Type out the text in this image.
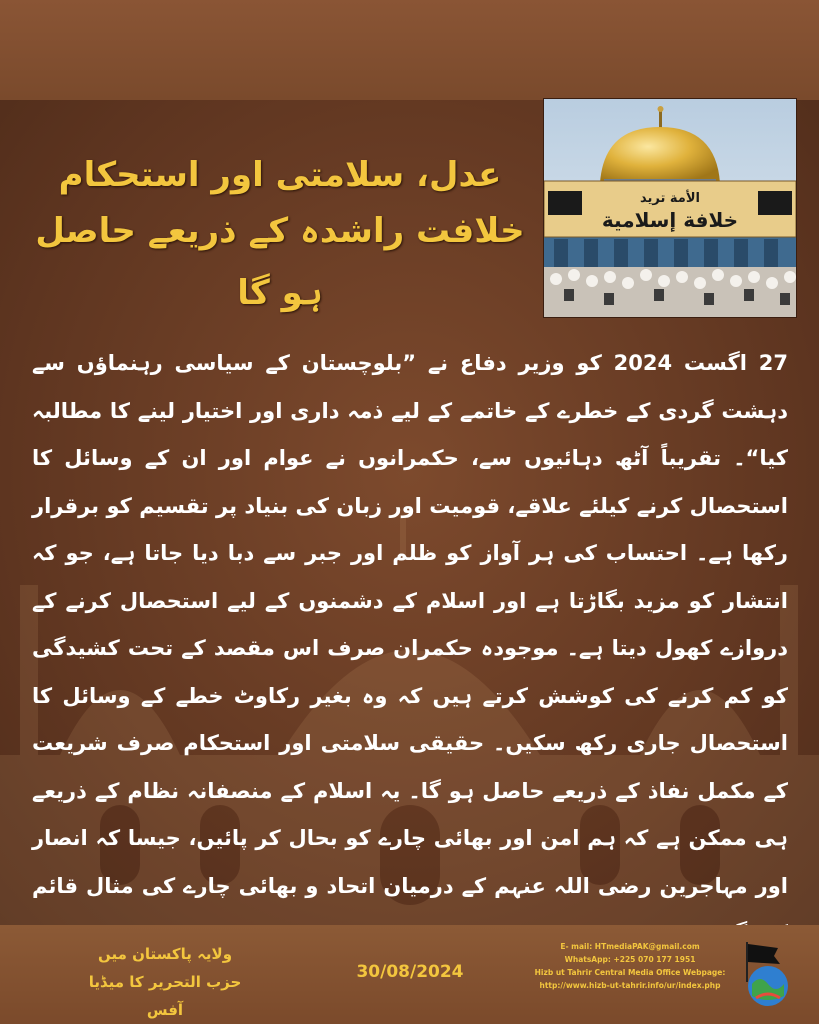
عدل، سلامتی اور استحکام
خلافت راشدہ کے ذریعے حاصل ہو گا
الأمة تريد
خلافة إسلامية
27 اگست 2024 کو وزیر دفاع نے ”بلوچستان کے سیاسی رہنماؤں سے دہشت گردی کے خطرے کے خاتمے کے لیے ذمہ داری اور اختیار لینے کا مطالبہ کیا“۔ تقریباً آٹھ دہائیوں سے، حکمرانوں نے عوام اور ان کے وسائل کا استحصال کرنے کیلئے علاقے، قومیت اور زبان کی بنیاد پر تقسیم کو برقرار رکھا ہے۔ احتساب کی ہر آواز کو ظلم اور جبر سے دبا دیا جاتا ہے، جو کہ انتشار کو مزید بگاڑتا ہے اور اسلام کے دشمنوں کے لیے استحصال کرنے کے دروازے کھول دیتا ہے۔ موجودہ حکمران صرف اس مقصد کے تحت کشیدگی کو کم کرنے کی کوشش کرتے ہیں کہ وہ بغیر رکاوٹ خطے کے وسائل کا استحصال جاری رکھ سکیں۔ حقیقی سلامتی اور استحکام صرف شریعت کے مکمل نفاذ کے ذریعے حاصل ہو گا۔ یہ اسلام کے منصفانہ نظام کے ذریعے ہی ممکن ہے کہ ہم امن اور بھائی چارے کو بحال کر پائیں، جیسا کہ انصار اور مہاجرین رضی اللہ عنہم کے درمیان اتحاد و بھائی چارے کی مثال قائم
ولایہ پاکستان میں
حزب التحریر کا میڈیا آفس
30/08/2024
E- mail: HTmediaPAK@gmail.com
WhatsApp: +225 070 177 1951
Hizb ut Tahrir Central Media Office Webpage:
http://www.hizb-ut-tahrir.info/ur/index.php
